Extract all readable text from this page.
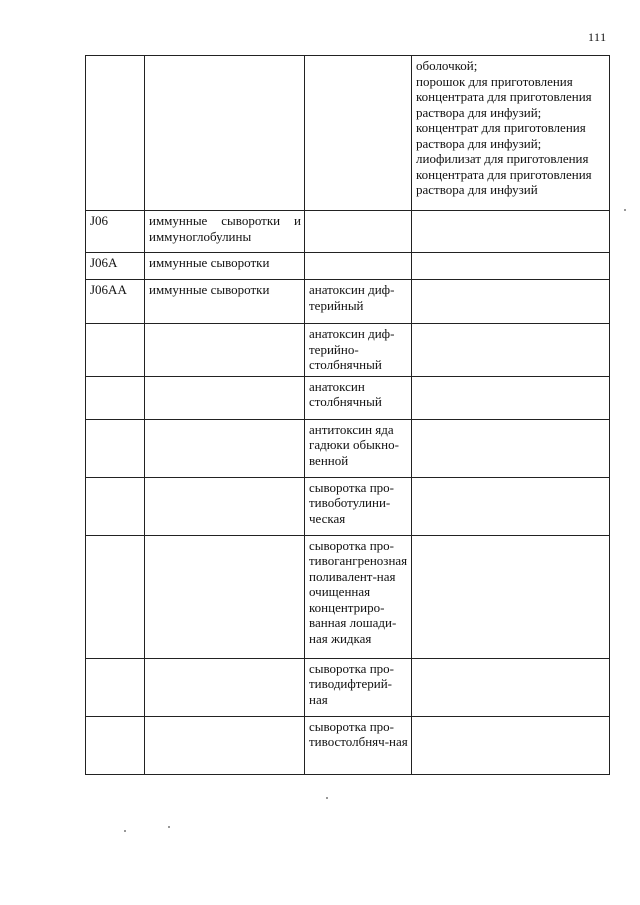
111

			оболочкой;
порошок для приготовления концентрата для приготовления раствора для инфузий;
концентрат для приготовления раствора для инфузий;
лиофилизат для приготовления концентрата для приготовления раствора для инфузий

J06	иммунные сыворотки и иммуноглобулины		
J06A	иммунные сыворотки		
J06AA	иммунные сыворотки	анатоксин диф-терийный	
		анатоксин диф-терийно-столбнячный	
		анатоксин столбнячный	
		антитоксин яда гадюки обыкно-венной	
		сыворотка про-тивоботулини-ческая	
		сыворотка про-тивогангренозная поливалент-ная очищенная концентриро-ванная лошади-ная жидкая	
		сыворотка про-тиводифтерий-ная	
		сыворотка про-тивостолбняч-ная	
